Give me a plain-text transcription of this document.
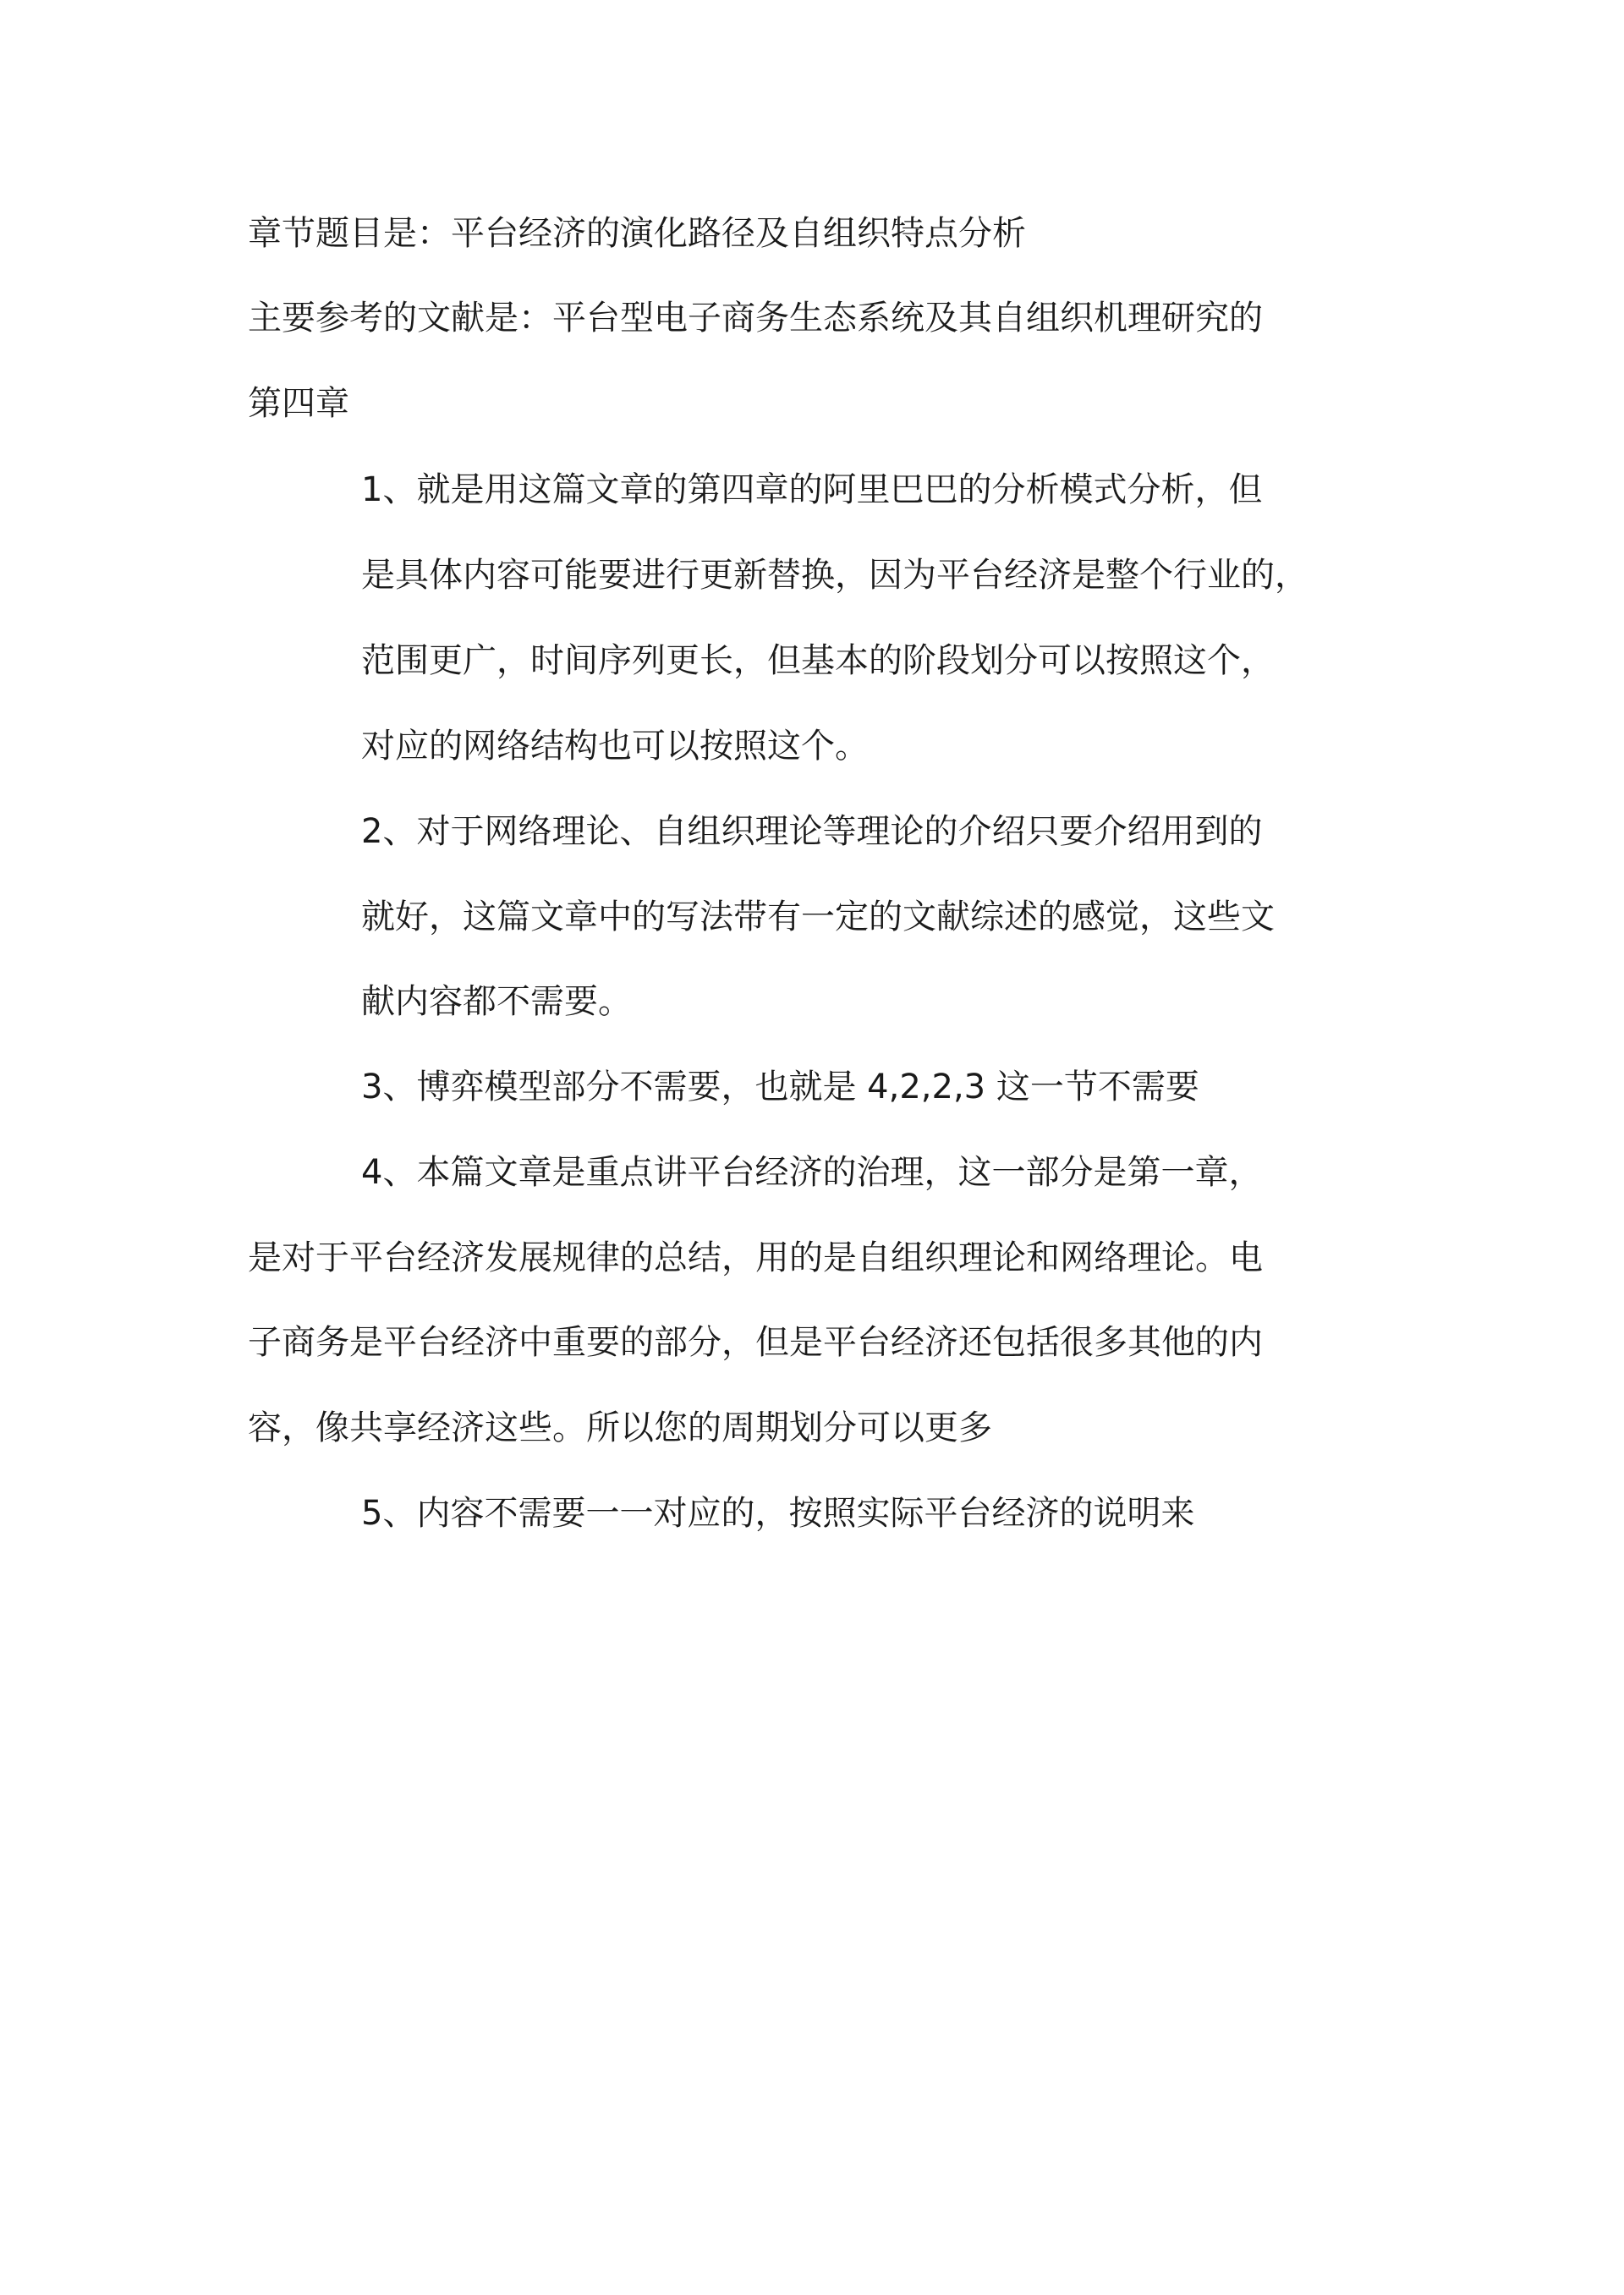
章节题目是：平台经济的演化路径及自组织特点分析

主要参考的文献是：平台型电子商务生态系统及其自组织机理研究的

第四章

1、就是用这篇文章的第四章的阿里巴巴的分析模式分析，但

是具体内容可能要进行更新替换，因为平台经济是整个行业的，

范围更广，时间序列更长，但基本的阶段划分可以按照这个，

对应的网络结构也可以按照这个。

2、对于网络理论、自组织理论等理论的介绍只要介绍用到的

就好，这篇文章中的写法带有一定的文献综述的感觉，这些文

献内容都不需要。

3、博弈模型部分不需要，也就是 4,2,2,3 这一节不需要

4、本篇文章是重点讲平台经济的治理，这一部分是第一章，

是对于平台经济发展规律的总结，用的是自组织理论和网络理论。电

子商务是平台经济中重要的部分，但是平台经济还包括很多其他的内

容，像共享经济这些。所以您的周期划分可以更多

5、内容不需要一一对应的，按照实际平台经济的说明来
